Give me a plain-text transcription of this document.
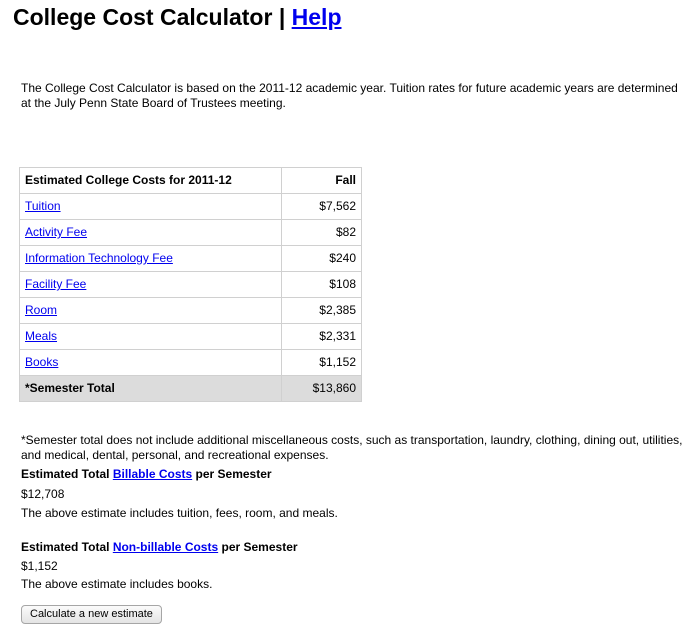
College Cost Calculator | Help

The College Cost Calculator is based on the 2011-12 academic year. Tuition rates for future academic years are determined at the July Penn State Board of Trustees meeting.

Estimated College Costs for 2011-12	Fall
Tuition	$7,562
Activity Fee	$82
Information Technology Fee	$240
Facility Fee	$108
Room	$2,385
Meals	$2,331
Books	$1,152
*Semester Total	$13,860

*Semester total does not include additional miscellaneous costs, such as transportation, laundry, clothing, dining out, utilities, and medical, dental, personal, and recreational expenses.

Estimated Total Billable Costs per Semester
$12,708
The above estimate includes tuition, fees, room, and meals.
Estimated Total Non-billable Costs per Semester
$1,152
The above estimate includes books.
Calculate a new estimate
